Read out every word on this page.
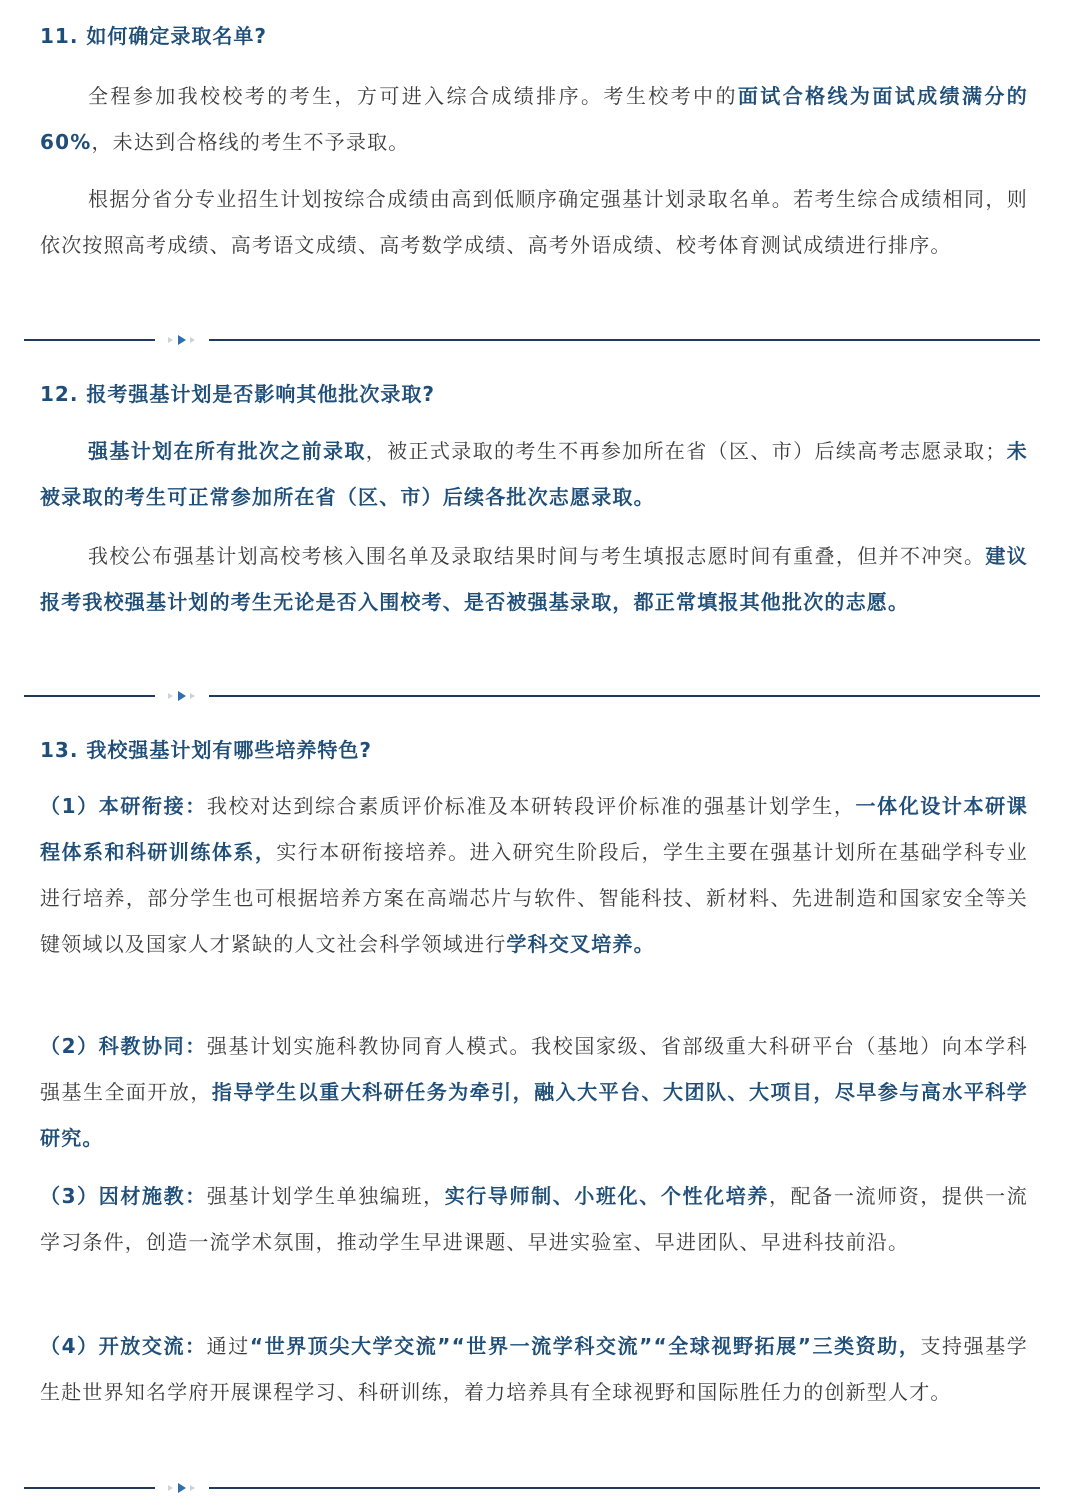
11. 如何确定录取名单?

全程参加我校校考的考生，方可进入综合成绩排序。考生校考中的面试合格线为面试成绩满分的60%，未达到合格线的考生不予录取。

根据分省分专业招生计划按综合成绩由高到低顺序确定强基计划录取名单。若考生综合成绩相同，则依次按照高考成绩、高考语文成绩、高考数学成绩、高考外语成绩、校考体育测试成绩进行排序。

12. 报考强基计划是否影响其他批次录取?

强基计划在所有批次之前录取，被正式录取的考生不再参加所在省（区、市）后续高考志愿录取；未被录取的考生可正常参加所在省（区、市）后续各批次志愿录取。

我校公布强基计划高校考核入围名单及录取结果时间与考生填报志愿时间有重叠，但并不冲突。建议报考我校强基计划的考生无论是否入围校考、是否被强基录取，都正常填报其他批次的志愿。

13. 我校强基计划有哪些培养特色?

（1）本研衔接：我校对达到综合素质评价标准及本研转段评价标准的强基计划学生，一体化设计本研课程体系和科研训练体系，实行本研衔接培养。进入研究生阶段后，学生主要在强基计划所在基础学科专业进行培养，部分学生也可根据培养方案在高端芯片与软件、智能科技、新材料、先进制造和国家安全等关键领域以及国家人才紧缺的人文社会科学领域进行学科交叉培养。

（2）科教协同：强基计划实施科教协同育人模式。我校国家级、省部级重大科研平台（基地）向本学科强基生全面开放，指导学生以重大科研任务为牵引，融入大平台、大团队、大项目，尽早参与高水平科学研究。

（3）因材施教：强基计划学生单独编班，实行导师制、小班化、个性化培养，配备一流师资，提供一流学习条件，创造一流学术氛围，推动学生早进课题、早进实验室、早进团队、早进科技前沿。

（4）开放交流：通过“世界顶尖大学交流”“世界一流学科交流”“全球视野拓展”三类资助，支持强基学生赴世界知名学府开展课程学习、科研训练，着力培养具有全球视野和国际胜任力的创新型人才。
